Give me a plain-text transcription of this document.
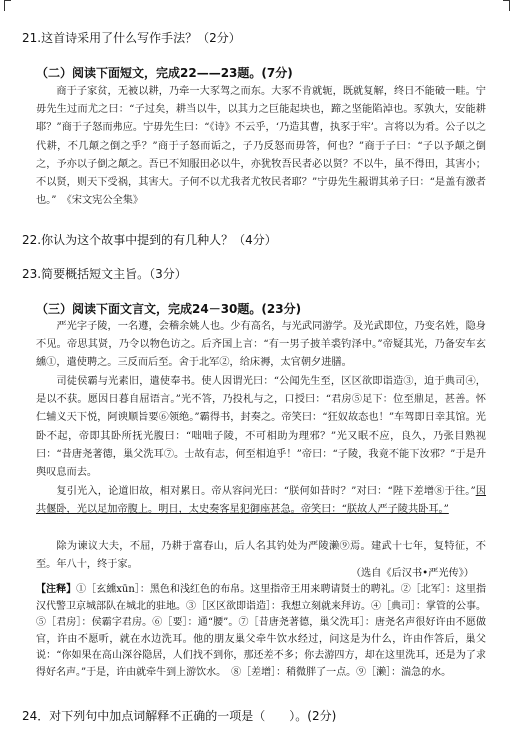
21.这首诗采用了什么写作手法？（2分）
（二）阅读下面短文，完成22——23题。(7分)

商于子家贫，无被以耕，乃牵一大豕驾之而东。大豕不肯就轭，既就复解，终日不能破一畦。宁毋先生过而尤之曰：“子过矣，耕当以牛，以其力之巨能起块也，蹄之坚能陷淖也。豕孰大，安能耕耶？”商于子怒而弗应。宁毋先生曰：“《诗》不云乎，‘乃造其曹，执豕于牢’。言将以为肴。公子以之代耕，不几颠之倒之乎？”商于子怒而诟之，子乃反怒而毋答，何也？”商于子曰：“子以予颠之倒之，予亦以子倒之颠之。吾已不知服田必以牛，亦犹牧吾民者必以贤？不以牛，虽不得田，其害小；不以贤，则天下受祸，其害大。子何不以尤我者尤牧民者耶？”宁毋先生赧谓其弟子曰：“是盖有激者也。”　《宋文宪公全集》

22.你认为这个故事中提到的有几种人？（4分）
23.简要概括短文主旨。（3分）
（三）阅读下面文言文，完成24－30题。(23分)

严光字子陵，一名遵，会稽余姚人也。少有高名，与光武同游学。及光武即位，乃变名姓，隐身不见。帝思其贤，乃令以物色访之。后齐国上言：“有一男子披羊裘钓泽中。”帝疑其光，乃备安车玄纁①，遣使聘之。三反而后至。舍于北军②，给床褥，太官朝夕进膳。

司徒侯霸与光素旧，遣使奉书。使人因谓光曰：“公闻先生至，区区欲即诣造③，迫于典司④，是以不获。愿因日暮自屈语言。”光不答，乃投札与之，口授曰：“君房⑤足下：位至鼎足，甚善。怀仁辅义天下悦，阿谀顺旨要⑥领绝。”霸得书，封奏之。帝笑曰：“狂奴故态也！”车驾即日幸其馆。光卧不起，帝即其卧所抚光腹曰：“咄咄子陵，不可相助为理邪？”光又眠不应，良久，乃张目熟视曰：“昔唐尧著德，巢父洗耳⑦。士故有志，何至相迫乎！”帝曰：“子陵，我竟不能下汝邪？”于是升舆叹息而去。

复引光入，论道旧故，相对累日。帝从容问光曰：“朕何如昔时？”对曰：“陛下差增⑧于往。”因共偃卧，光以足加帝腹上。明日，太史奏客星犯御座甚急。帝笑曰：“朕故人严子陵共卧耳。”

除为谏议大夫，不屈，乃耕于富春山，后人名其钓处为严陵濑⑨焉。建武十七年，复特征，不至。年八十，终于家。

（选自《后汉书•严光传》）

【注释】①［玄纁xūn］：黑色和浅红色的布帛。这里指帝王用来聘请贤士的聘礼。②［北军］：这里指汉代警卫京城部队在城北的驻地。③［区区欲即诣造］：我想立刻就来拜访。④［典司］：掌管的公事。⑤［君房］：侯霸字君房。⑥［要］：通“腰”。⑦［昔唐尧著德，巢父洗耳］：唐尧名声很好许由不愿做官，许由不愿听，就在水边洗耳。他的朋友巢父牵牛饮水经过，问这是为什么，许由作答后，巢父说：“你如果在高山深谷隐居，人们找不到你，那还差不多；你去游四方，却在这里洗耳，还是为了求得好名声。”于是，许由就牵牛到上游饮水。　⑧［差增］：稍微胖了一点。⑨［濑］：湍急的水。

24．对下列句中加点词解释不正确的一项是（　　）。(2分)
